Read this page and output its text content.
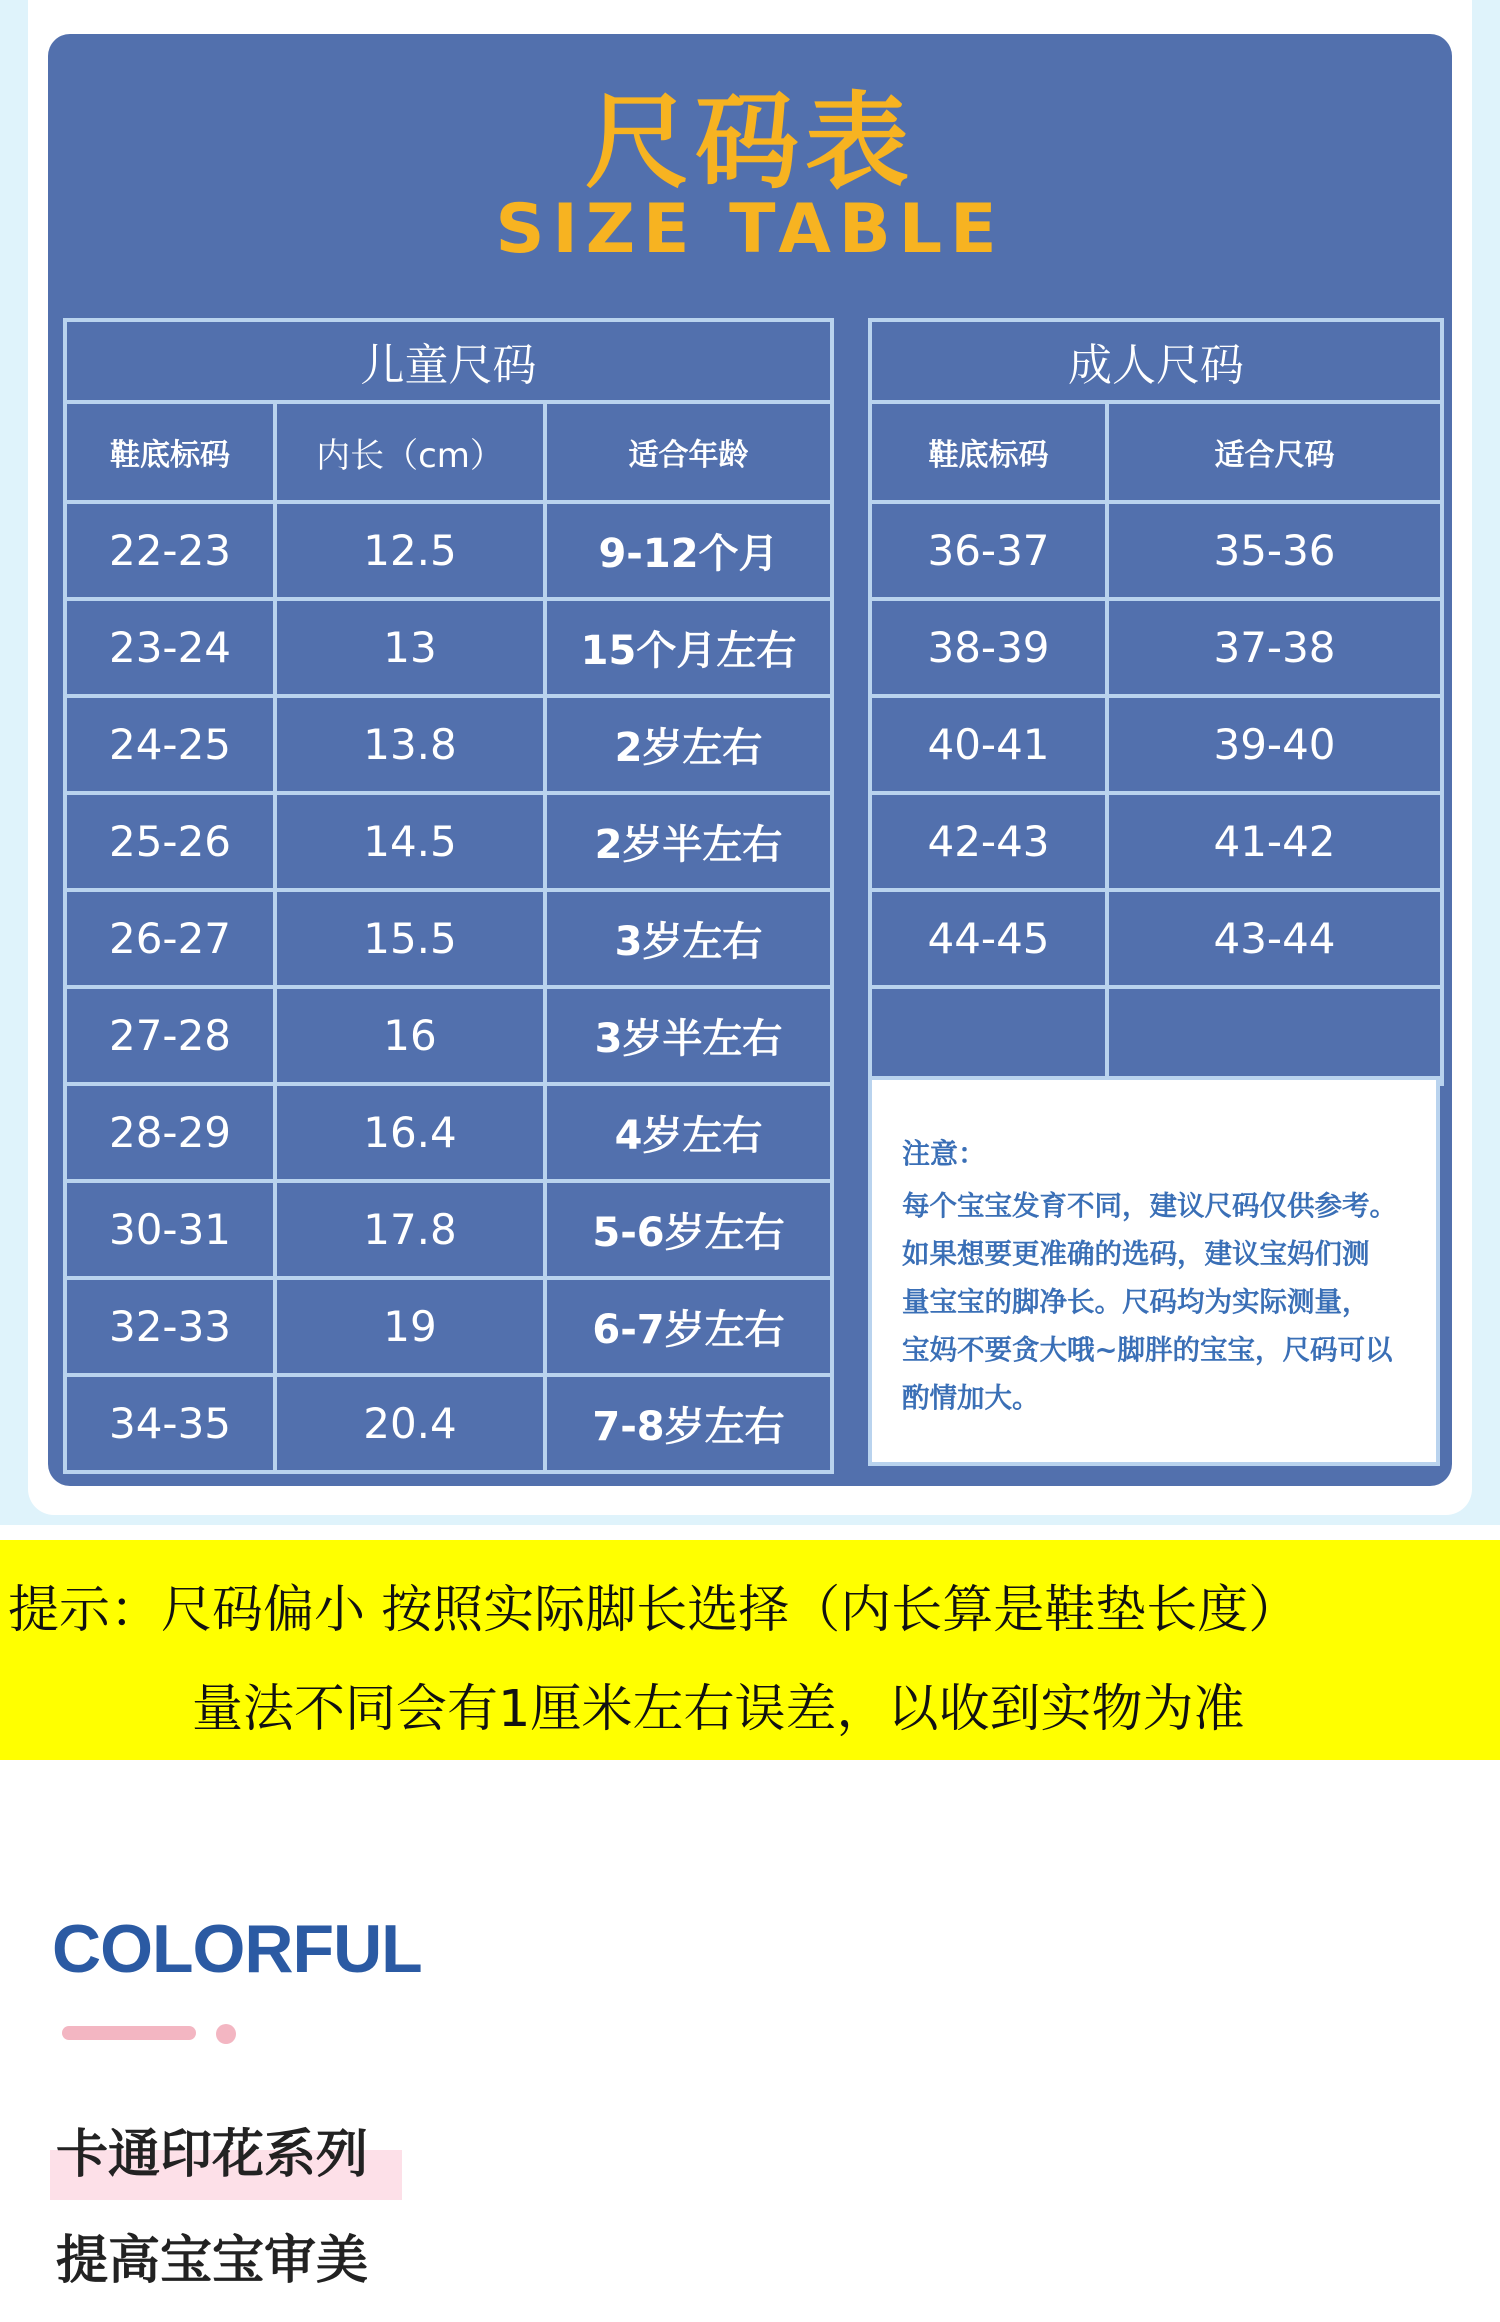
尺码表
SIZE TABLE
儿童尺码		
鞋底标码	内长（cm）	适合年龄
22-23	12.5	9-12个月
23-24	13	15个月左右
24-25	13.8	2岁左右
25-26	14.5	2岁半左右
26-27	15.5	3岁左右
27-28	16	3岁半左右
28-29	16.4	4岁左右
30-31	17.8	5-6岁左右
32-33	19	6-7岁左右
34-35	20.4	7-8岁左右
成人尺码	
鞋底标码	适合尺码
36-37	35-36
38-39	37-38
40-41	39-40
42-43	41-42
44-45	43-44

注意：
每个宝宝发育不同，建议尺码仅供参考。
如果想要更准确的选码，建议宝妈们测
量宝宝的脚净长。尺码均为实际测量，
宝妈不要贪大哦~脚胖的宝宝，尺码可以
酌情加大。
提示：尺码偏小 按照实际脚长选择（内长算是鞋垫长度）
量法不同会有1厘米左右误差，以收到实物为准
COLORFUL
卡通印花系列
提高宝宝审美
